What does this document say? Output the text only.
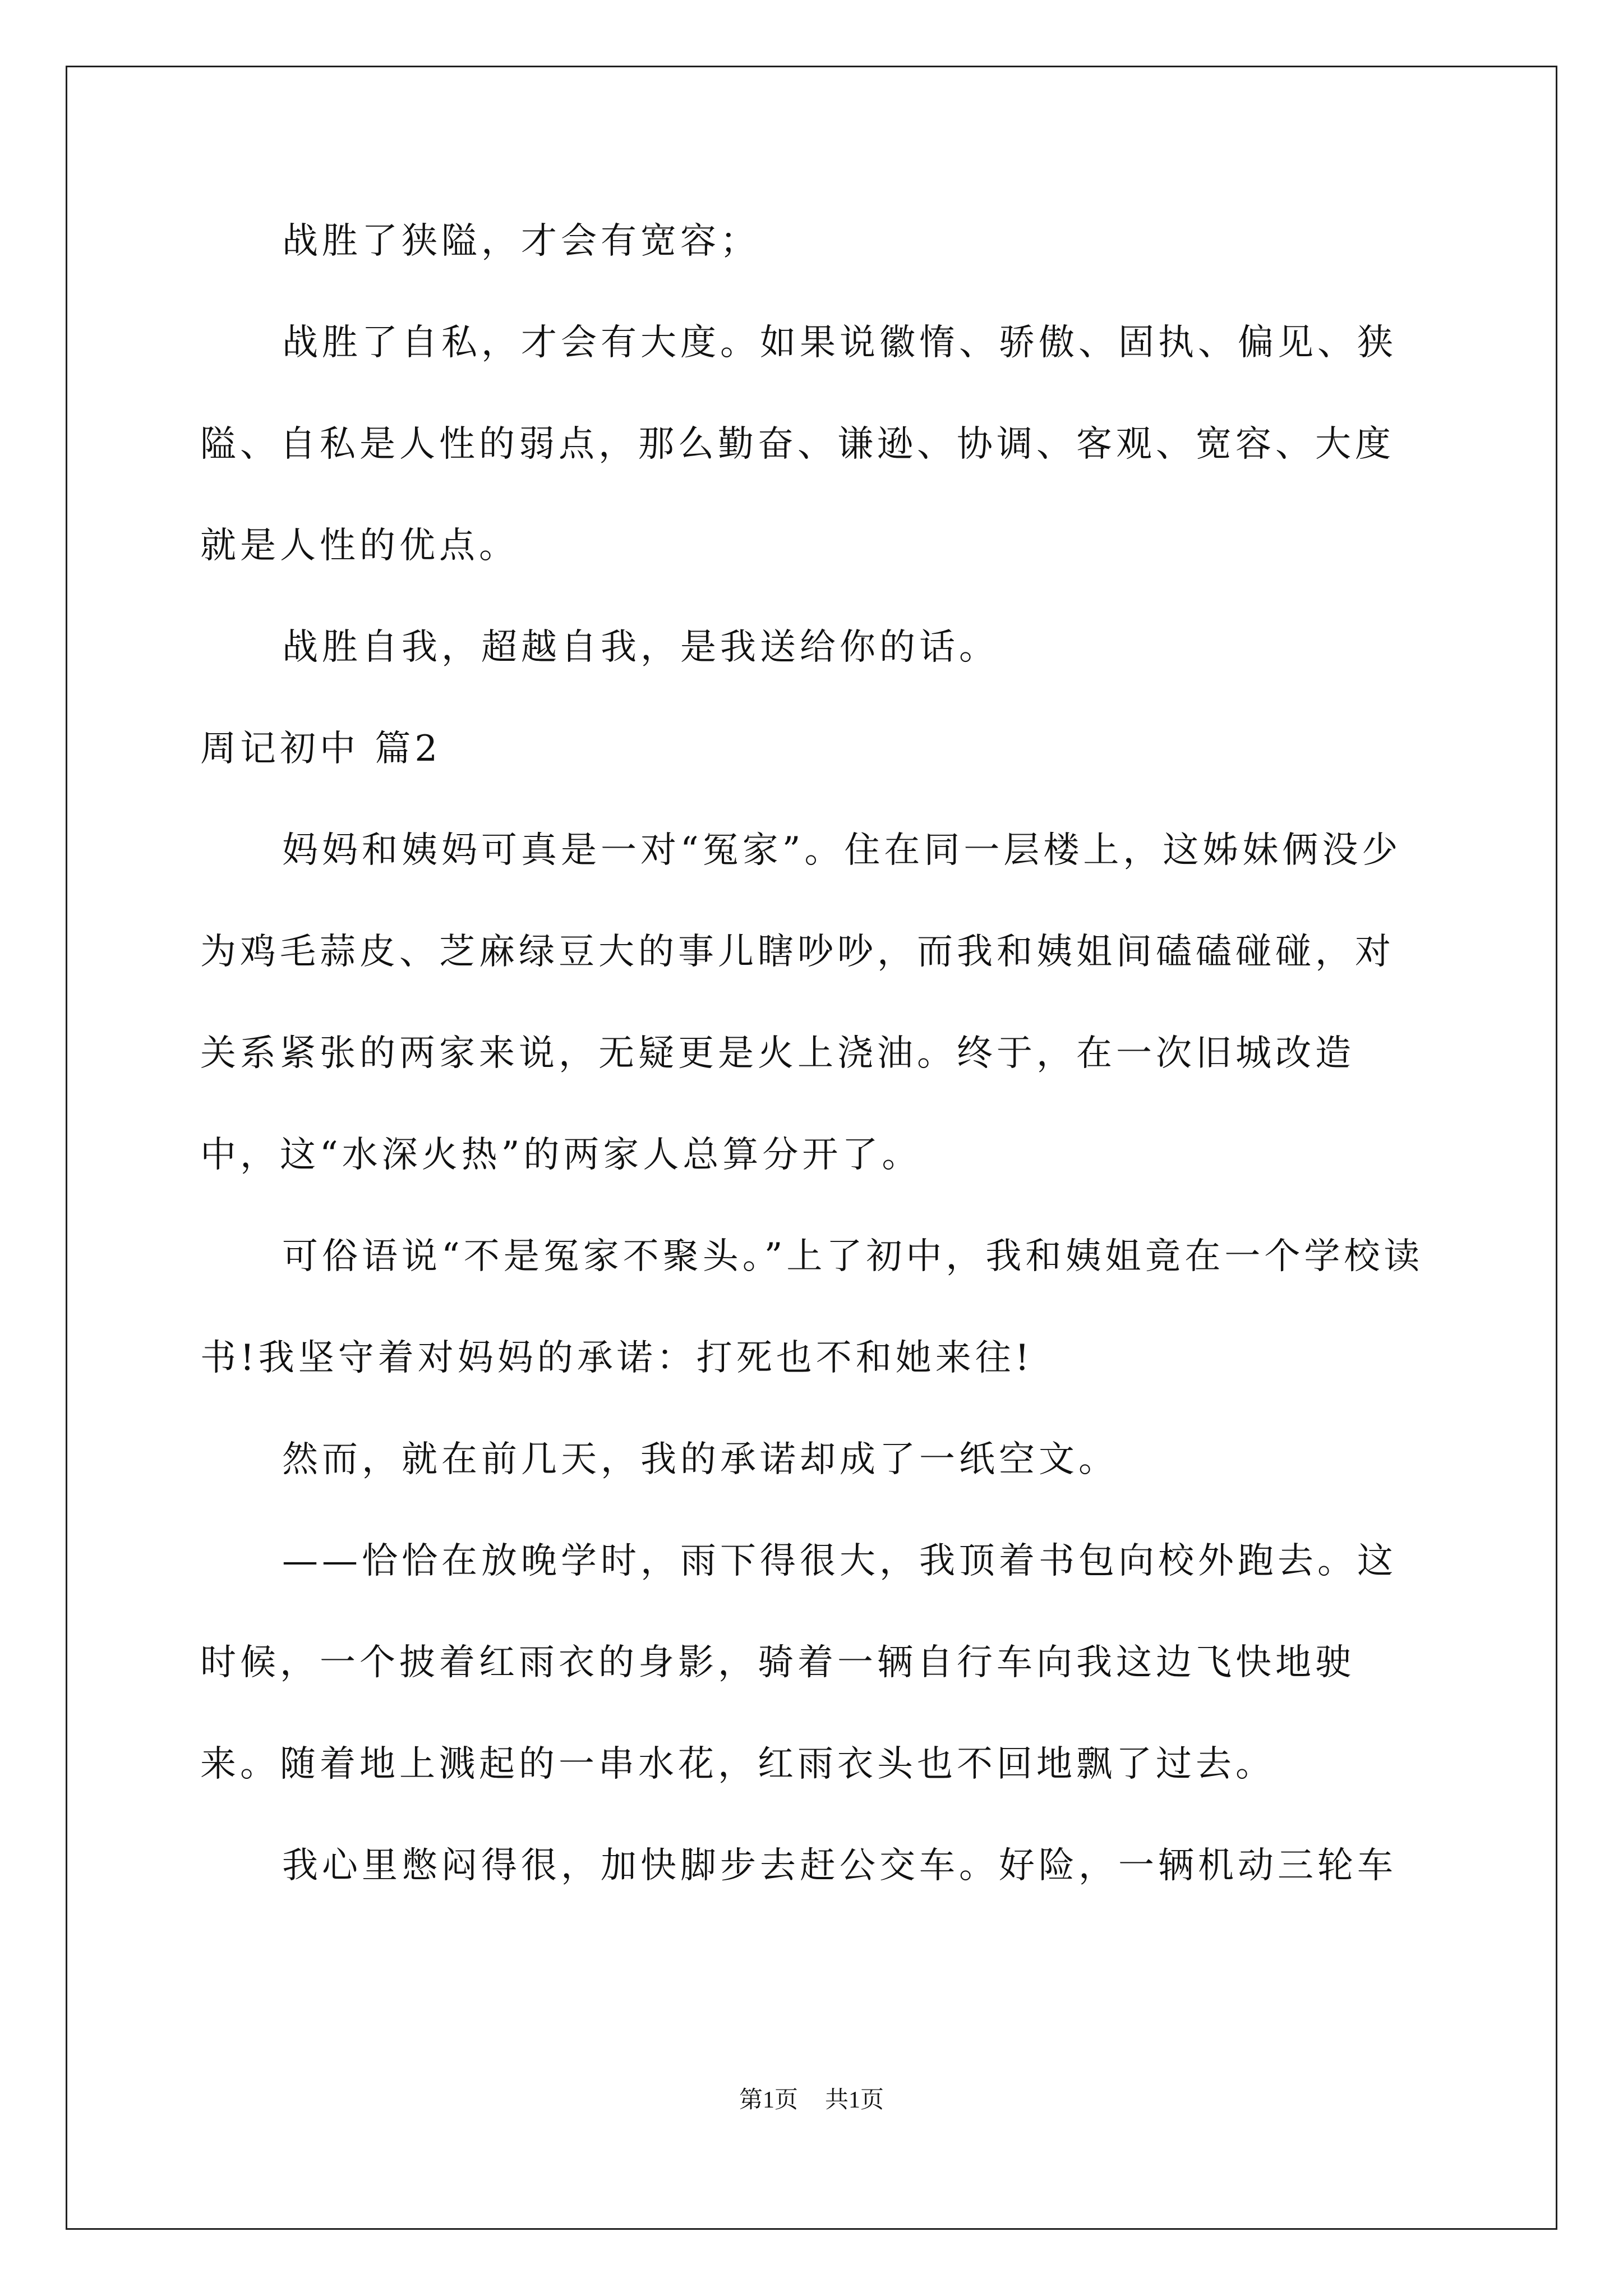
战胜了狭隘，才会有宽容；

战胜了自私，才会有大度。如果说徽惰、骄傲、固执、偏见、狭隘、自私是人性的弱点，那么勤奋、谦逊、协调、客观、宽容、大度就是人性的优点。

战胜自我，超越自我，是我送给你的话。

周记初中 篇2

妈妈和姨妈可真是一对“冤家”。住在同一层楼上，这姊妹俩没少为鸡毛蒜皮、芝麻绿豆大的事儿瞎吵吵，而我和姨姐间磕磕碰碰，对关系紧张的两家来说，无疑更是火上浇油。终于，在一次旧城改造中，这“水深火热”的两家人总算分开了。

可俗语说“不是冤家不聚头。”上了初中，我和姨姐竟在一个学校读书!我坚守着对妈妈的承诺：打死也不和她来往!

然而，就在前几天，我的承诺却成了一纸空文。

——恰恰在放晚学时，雨下得很大，我顶着书包向校外跑去。这时候，一个披着红雨衣的身影，骑着一辆自行车向我这边飞快地驶来。随着地上溅起的一串水花，红雨衣头也不回地飘了过去。

我心里憋闷得很，加快脚步去赶公交车。好险，一辆机动三轮车

第1页 共1页
